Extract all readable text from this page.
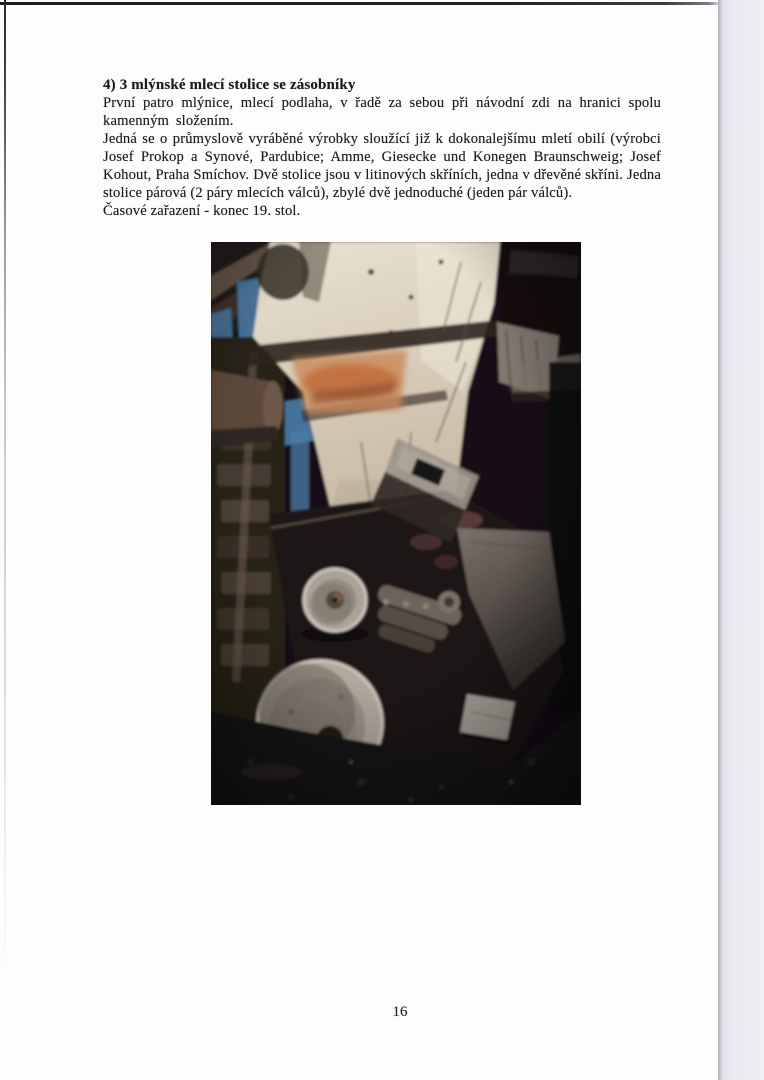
4) 3 mlýnské mlecí stolice se zásobníky

První patro mlýnice, mlecí podlaha, v řadě za sebou při návodní zdi na hranici spolu kamenným složením.

Jedná se o průmyslově vyráběné výrobky sloužící již k dokonalejšímu mletí obilí (výrobci Josef Prokop a Synové, Pardubice; Amme, Giesecke und Konegen Braunschweig; Josef Kohout, Praha Smíchov. Dvě stolice jsou v litinových skříních, jedna v dřevěné skříni. Jedna stolice párová (2 páry mlecích válců), zbylé dvě jednoduché (jeden pár válců).

Časové zařazení - konec 19. stol.

16
